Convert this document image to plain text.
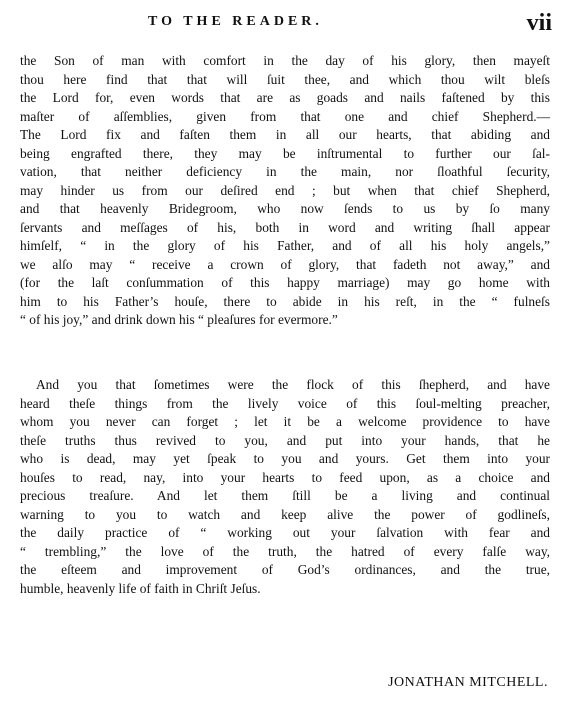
TO THE READER.	vii
the Son of man with comfort in the day of his glory, then mayeſt
thou here find that that will ſuit thee, and which thou wilt bleſs
the Lord for, even words that are as goads and nails faſtened by this
maſter of aſſemblies, given from that one and chief Shepherd.—
The Lord fix and faſten them in all our hearts, that abiding and
being engrafted there, they may be inſtrumental to further our ſal-
vation, that neither deficiency in the main, nor ſloathful ſecurity,
may hinder us from our deſired end ; but when that chief Shepherd,
and that heavenly Bridegroom, who now ſends to us by ſo many
ſervants and meſſages of his, both in word and writing ſhall appear
himſelf, “ in the glory of his Father, and of all his holy angels,”
we alſo may “ receive a crown of glory, that fadeth not away,” and
(for the laſt conſummation of this happy marriage) may go home with
him to his Father’s houſe, there to abide in his reſt, in the “ fulneſs
“ of his joy,” and drink down his “ pleaſures for evermore.”
And you that ſometimes were the flock of this ſhepherd, and have
heard theſe things from the lively voice of this ſoul-melting preacher,
whom you never can forget ; let it be a welcome providence to have
theſe truths thus revived to you, and put into your hands, that he
who is dead, may yet ſpeak to you and yours. Get them into your
houſes to read, nay, into your hearts to feed upon, as a choice and
precious treaſure. And let them ſtill be a living and continual
warning to you to watch and keep alive the power of godlineſs,
the daily practice of “ working out your ſalvation with fear and
“ trembling,” the love of the truth, the hatred of every falſe way,
the eſteem and improvement of God’s ordinances, and the true,
humble, heavenly life of faith in Chriſt Jeſus.
JONATHAN MITCHELL.
